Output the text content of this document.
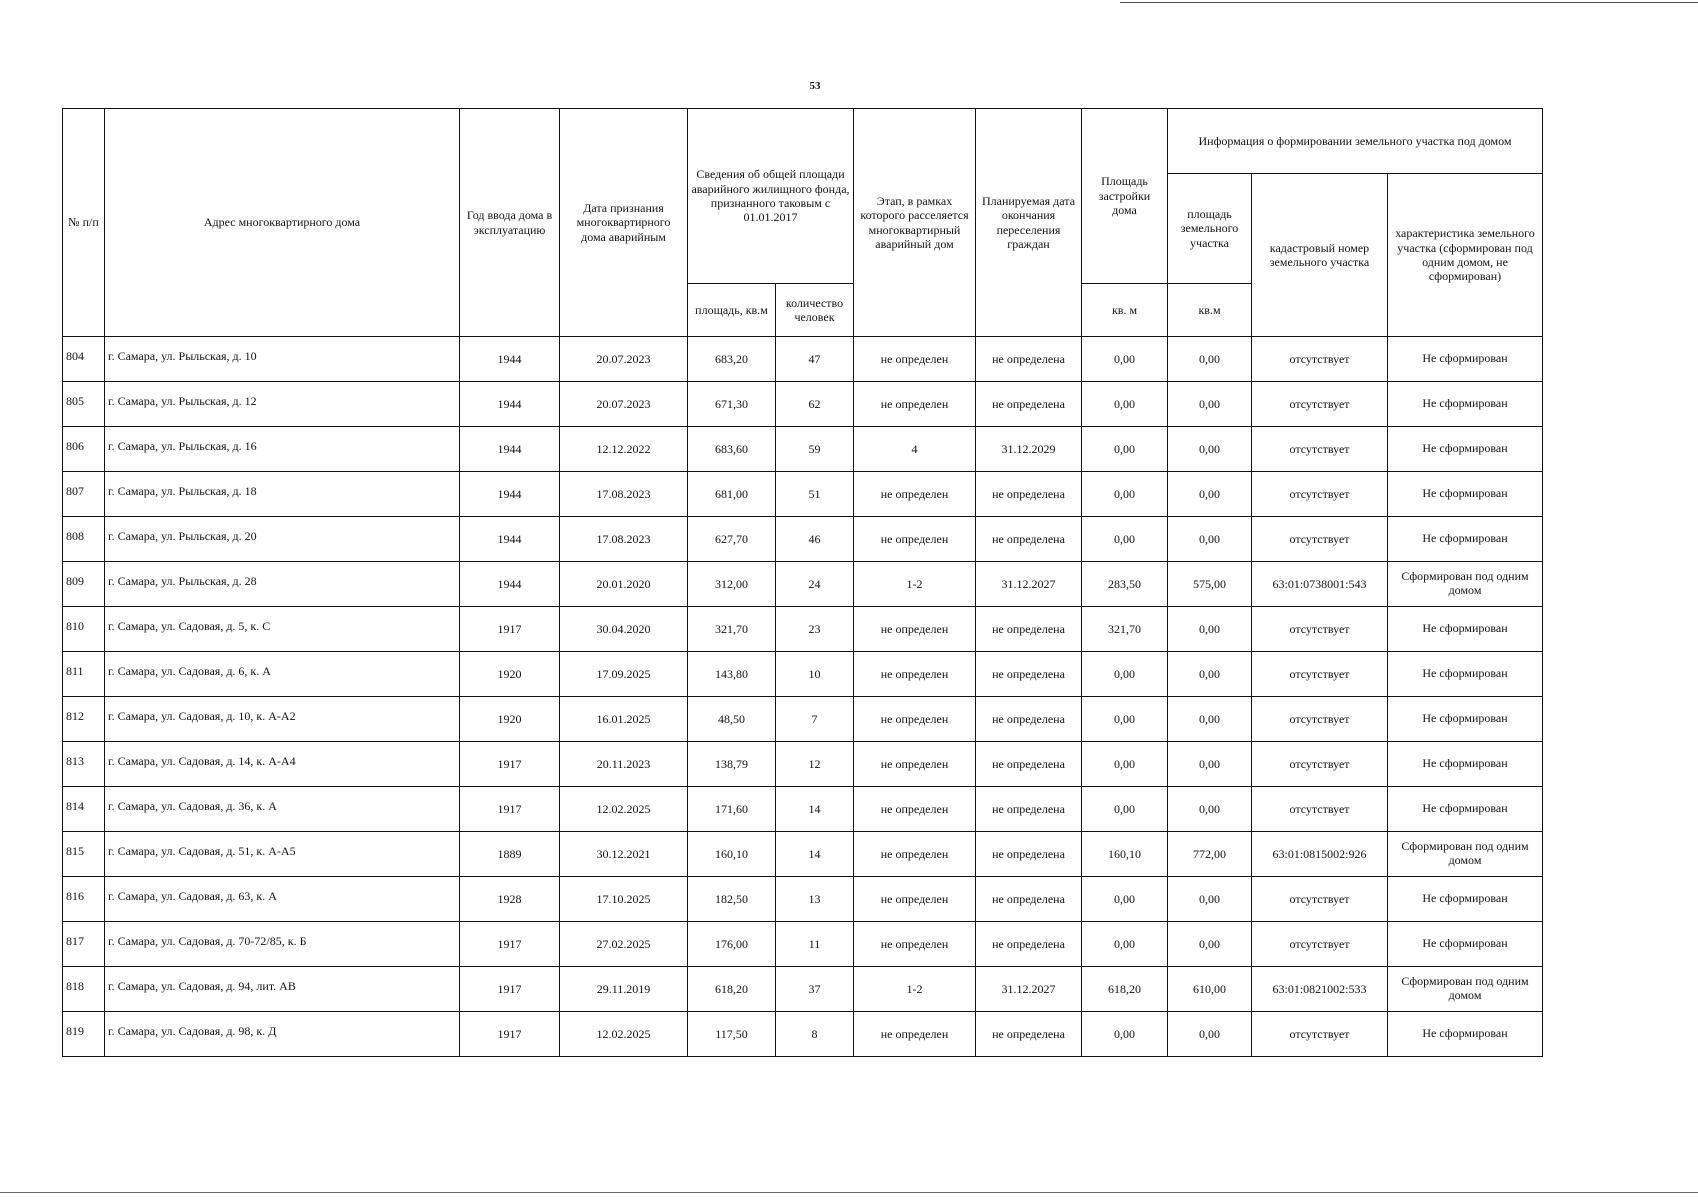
53
№ п/п	Адрес многоквартирного дома	Год ввода дома в эксплуатацию	Дата признания многоквартирного дома аварийным	Сведения об общей площади аварийного жилищного фонда, признанного таковым с 01.01.2017		Этап, в рамках которого расселяется многоквартирный аварийный дом	Планируемая дата окончания переселения граждан	Площадь застройки дома	Информация о формировании земельного участка под домом		
									площадь земельного участка	кадастровый номер земельного участка	характеристика земельного участка (сформирован под одним домом, не сформирован)
				площадь, кв.м	количество человек			кв. м	кв.м		
804	г. Самара, ул. Рыльская, д. 10	1944	20.07.2023	683,20	47	не определен	не определена	0,00	0,00	отсутствует	Не сформирован
805	г. Самара, ул. Рыльская, д. 12	1944	20.07.2023	671,30	62	не определен	не определена	0,00	0,00	отсутствует	Не сформирован
806	г. Самара, ул. Рыльская, д. 16	1944	12.12.2022	683,60	59	4	31.12.2029	0,00	0,00	отсутствует	Не сформирован
807	г. Самара, ул. Рыльская, д. 18	1944	17.08.2023	681,00	51	не определен	не определена	0,00	0,00	отсутствует	Не сформирован
808	г. Самара, ул. Рыльская, д. 20	1944	17.08.2023	627,70	46	не определен	не определена	0,00	0,00	отсутствует	Не сформирован
809	г. Самара, ул. Рыльская, д. 28	1944	20.01.2020	312,00	24	1-2	31.12.2027	283,50	575,00	63:01:0738001:543	Сформирован под одним домом
810	г. Самара, ул. Садовая, д. 5, к. С	1917	30.04.2020	321,70	23	не определен	не определена	321,70	0,00	отсутствует	Не сформирован
811	г. Самара, ул. Садовая, д. 6, к. А	1920	17.09.2025	143,80	10	не определен	не определена	0,00	0,00	отсутствует	Не сформирован
812	г. Самара, ул. Садовая, д. 10, к. А-А2	1920	16.01.2025	48,50	7	не определен	не определена	0,00	0,00	отсутствует	Не сформирован
813	г. Самара, ул. Садовая, д. 14, к. А-А4	1917	20.11.2023	138,79	12	не определен	не определена	0,00	0,00	отсутствует	Не сформирован
814	г. Самара, ул. Садовая, д. 36, к. А	1917	12.02.2025	171,60	14	не определен	не определена	0,00	0,00	отсутствует	Не сформирован
815	г. Самара, ул. Садовая, д. 51, к. А-А5	1889	30.12.2021	160,10	14	не определен	не определена	160,10	772,00	63:01:0815002:926	Сформирован под одним домом
816	г. Самара, ул. Садовая, д. 63, к. А	1928	17.10.2025	182,50	13	не определен	не определена	0,00	0,00	отсутствует	Не сформирован
817	г. Самара, ул. Садовая, д. 70-72/85, к. Б	1917	27.02.2025	176,00	11	не определен	не определена	0,00	0,00	отсутствует	Не сформирован
818	г. Самара, ул. Садовая, д. 94, лит. АВ	1917	29.11.2019	618,20	37	1-2	31.12.2027	618,20	610,00	63:01:0821002:533	Сформирован под одним домом
819	г. Самара, ул. Садовая, д. 98, к. Д	1917	12.02.2025	117,50	8	не определен	не определена	0,00	0,00	отсутствует	Не сформирован
